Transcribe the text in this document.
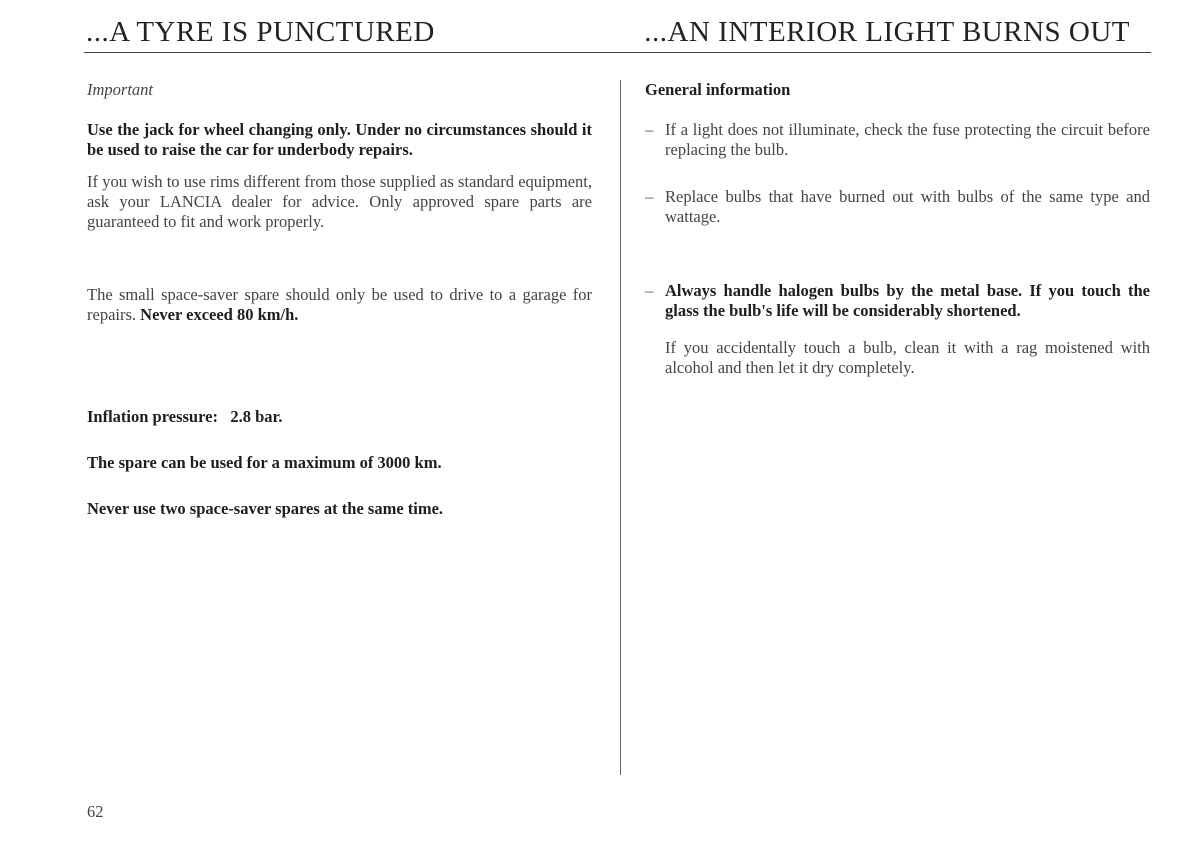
...A TYRE IS PUNCTURED	...AN INTERIOR LIGHT BURNS OUT

Important

Use the jack for wheel changing only. Under no circumstances should it be used to raise the car for underbody repairs.

If you wish to use rims different from those supplied as standard equipment, ask your LANCIA dealer for advice. Only approved spare parts are guaranteed to fit and work properly.

The small space-saver spare should only be used to drive to a garage for repairs. Never exceed 80 km/h.

Inflation pressure: 2.8 bar.

The spare can be used for a maximum of 3000 km.

Never use two space-saver spares at the same time.

General information

– If a light does not illuminate, check the fuse protecting the circuit before replacing the bulb.

– Replace bulbs that have burned out with bulbs of the same type and wattage.

– Always handle halogen bulbs by the metal base. If you touch the glass the bulb's life will be considerably shortened.

If you accidentally touch a bulb, clean it with a rag moistened with alcohol and then let it dry completely.

62
